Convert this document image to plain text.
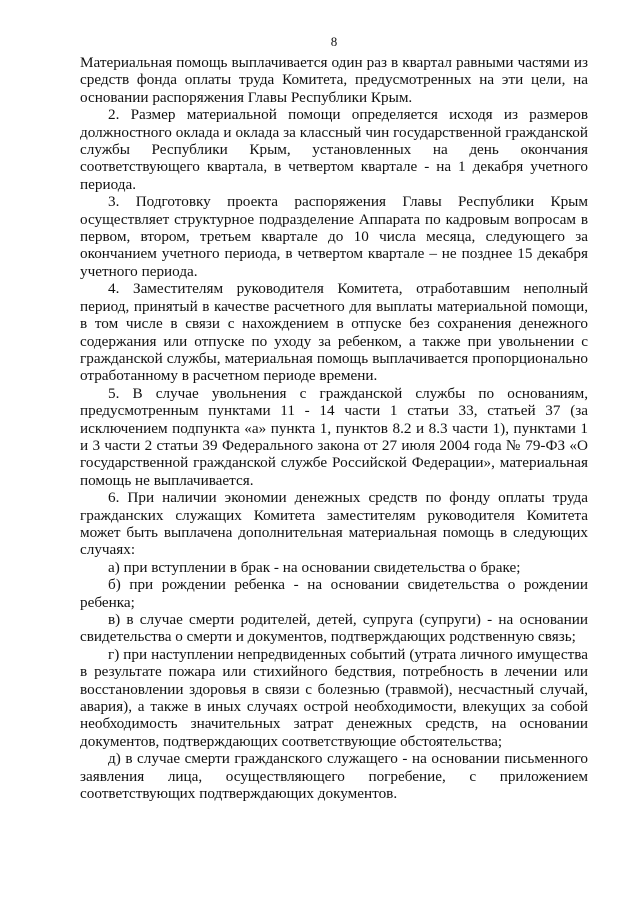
8

Материальная помощь выплачивается один раз в квартал равными частями из средств фонда оплаты труда Комитета, предусмотренных на эти цели, на основании распоряжения Главы Республики Крым.

2. Размер материальной помощи определяется исходя из размеров должностного оклада и оклада за классный чин государственной гражданской службы Республики Крым, установленных на день окончания соответствующего квартала, в четвертом квартале - на 1 декабря учетного периода.

3. Подготовку проекта распоряжения Главы Республики Крым осуществляет структурное подразделение Аппарата по кадровым вопросам в первом, втором, третьем квартале до 10 числа месяца, следующего за окончанием учетного периода, в четвертом квартале – не позднее 15 декабря учетного периода.

4. Заместителям руководителя Комитета, отработавшим неполный период, принятый в качестве расчетного для выплаты материальной помощи, в том числе в связи с нахождением в отпуске без сохранения денежного содержания или отпуске по уходу за ребенком, а также при увольнении с гражданской службы, материальная помощь выплачивается пропорционально отработанному в расчетном периоде времени.

5. В случае увольнения с гражданской службы по основаниям, предусмотренным пунктами 11 - 14 части 1 статьи 33, статьей 37 (за исключением подпункта «а» пункта 1, пунктов 8.2 и 8.3 части 1), пунктами 1 и 3 части 2 статьи 39 Федерального закона от 27 июля 2004 года № 79-ФЗ «О государственной гражданской службе Российской Федерации», материальная помощь не выплачивается.

6. При наличии экономии денежных средств по фонду оплаты труда гражданских служащих Комитета заместителям руководителя Комитета может быть выплачена дополнительная материальная помощь в следующих случаях:

а) при вступлении в брак - на основании свидетельства о браке;

б) при рождении ребенка - на основании свидетельства о рождении ребенка;

в) в случае смерти родителей, детей, супруга (супруги) - на основании свидетельства о смерти и документов, подтверждающих родственную связь;

г) при наступлении непредвиденных событий (утрата личного имущества в результате пожара или стихийного бедствия, потребность в лечении или восстановлении здоровья в связи с болезнью (травмой), несчастный случай, авария), а также в иных случаях острой необходимости, влекущих за собой необходимость значительных затрат денежных средств, на основании документов, подтверждающих соответствующие обстоятельства;

д) в случае смерти гражданского служащего - на основании письменного заявления лица, осуществляющего погребение, с приложением соответствующих подтверждающих документов.
